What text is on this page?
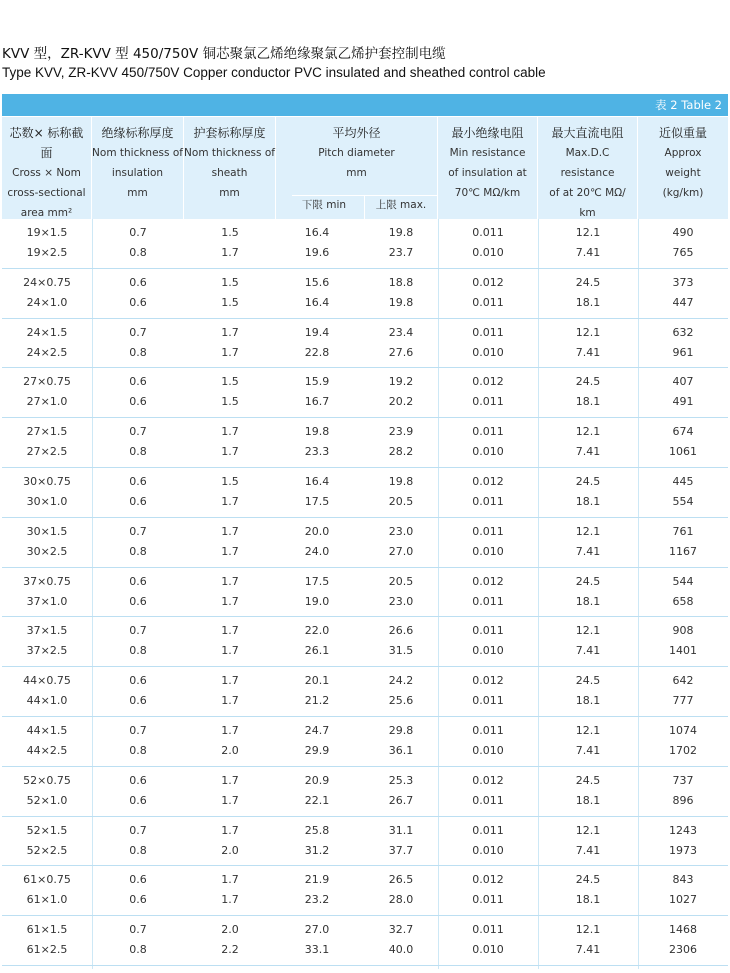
KVV 型，ZR-KVV 型 450/750V 铜芯聚氯乙烯绝缘聚氯乙烯护套控制电缆
Type KVV, ZR-KVV 450/750V Copper conductor PVC insulated and sheathed control cable
表 2 Table 2
芯数× 标称截面
Cross × Nom
cross-sectional
area mm²
绝缘标称厚度
Nom thickness of
insulation
mm
护套标称厚度
Nom thickness of
sheath
mm
平均外径
Pitch diameter
mm
下限 min	上限 max.
最小绝缘电阻
Min resistance
of insulation at
70℃ MΩ/km
最大直流电阻
Max.D.C resistance
of at 20℃ MΩ/
km
近似重量
Approx
weight
(kg/km)
19×1.5	0.7	1.5	16.4	19.8	0.011	12.1	490
19×2.5	0.8	1.7	19.6	23.7	0.010	7.41	765
24×0.75	0.6	1.5	15.6	18.8	0.012	24.5	373
24×1.0	0.6	1.5	16.4	19.8	0.011	18.1	447
24×1.5	0.7	1.7	19.4	23.4	0.011	12.1	632
24×2.5	0.8	1.7	22.8	27.6	0.010	7.41	961
27×0.75	0.6	1.5	15.9	19.2	0.012	24.5	407
27×1.0	0.6	1.5	16.7	20.2	0.011	18.1	491
27×1.5	0.7	1.7	19.8	23.9	0.011	12.1	674
27×2.5	0.8	1.7	23.3	28.2	0.010	7.41	1061
30×0.75	0.6	1.5	16.4	19.8	0.012	24.5	445
30×1.0	0.6	1.7	17.5	20.5	0.011	18.1	554
30×1.5	0.7	1.7	20.0	23.0	0.011	12.1	761
30×2.5	0.8	1.7	24.0	27.0	0.010	7.41	1167
37×0.75	0.6	1.7	17.5	20.5	0.012	24.5	544
37×1.0	0.6	1.7	19.0	23.0	0.011	18.1	658
37×1.5	0.7	1.7	22.0	26.6	0.011	12.1	908
37×2.5	0.8	1.7	26.1	31.5	0.010	7.41	1401
44×0.75	0.6	1.7	20.1	24.2	0.012	24.5	642
44×1.0	0.6	1.7	21.2	25.6	0.011	18.1	777
44×1.5	0.7	1.7	24.7	29.8	0.011	12.1	1074
44×2.5	0.8	2.0	29.9	36.1	0.010	7.41	1702
52×0.75	0.6	1.7	20.9	25.3	0.012	24.5	737
52×1.0	0.6	1.7	22.1	26.7	0.011	18.1	896
52×1.5	0.7	1.7	25.8	31.1	0.011	12.1	1243
52×2.5	0.8	2.0	31.2	37.7	0.010	7.41	1973
61×0.75	0.6	1.7	21.9	26.5	0.012	24.5	843
61×1.0	0.6	1.7	23.2	28.0	0.011	18.1	1027
61×1.5	0.7	2.0	27.0	32.7	0.011	12.1	1468
61×2.5	0.8	2.2	33.1	40.0	0.010	7.41	2306
